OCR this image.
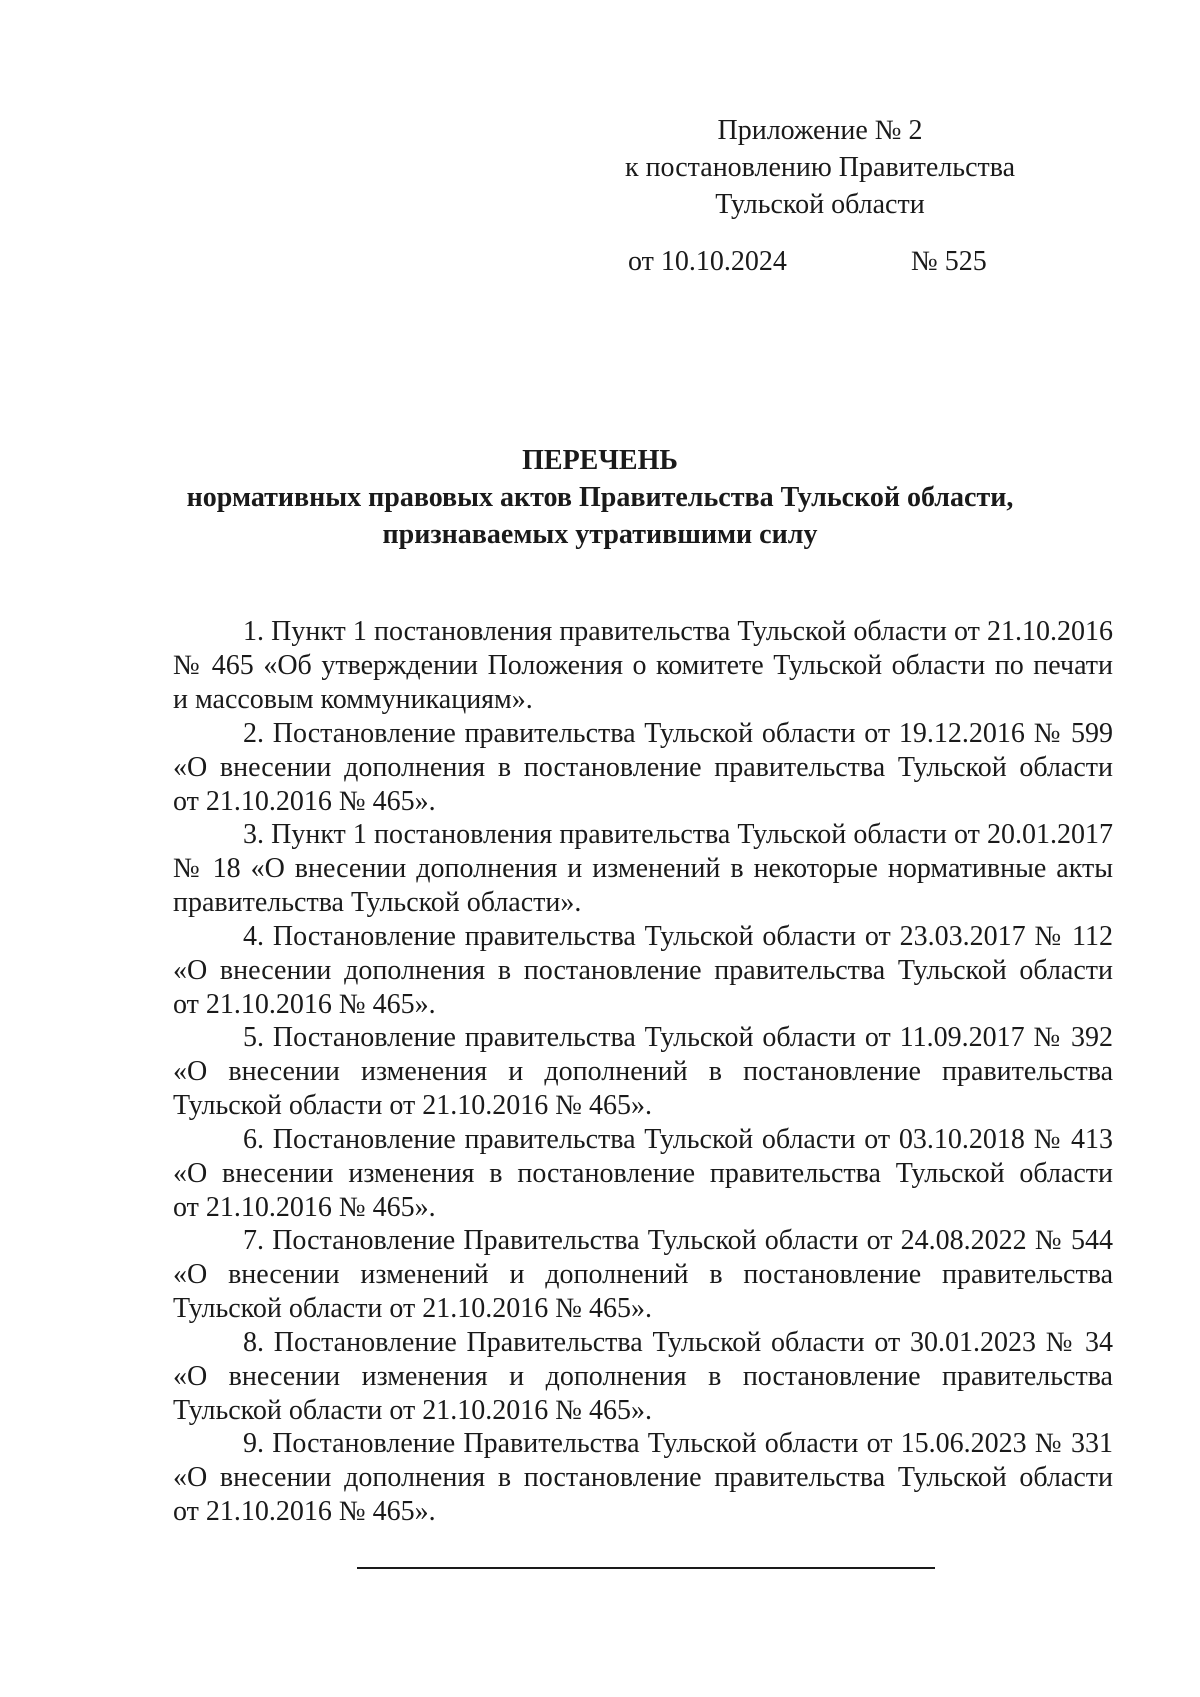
Приложение № 2
к постановлению Правительства
Тульской области
от 10.10.2024	№ 525
ПЕРЕЧЕНЬ
нормативных правовых актов Правительства Тульской области,
признаваемых утратившими силу
1. Пункт 1 постановления правительства Тульской области от 21.10.2016
№ 465 «Об утверждении Положения о комитете Тульской области по печати
и массовым коммуникациям».
2. Постановление правительства Тульской области от 19.12.2016 № 599
«О внесении дополнения в постановление правительства Тульской области
от 21.10.2016 № 465».
3. Пункт 1 постановления правительства Тульской области от 20.01.2017
№ 18 «О внесении дополнения и изменений в некоторые нормативные акты
правительства Тульской области».
4. Постановление правительства Тульской области от 23.03.2017 № 112
«О внесении дополнения в постановление правительства Тульской области
от 21.10.2016 № 465».
5. Постановление правительства Тульской области от 11.09.2017 № 392
«О внесении изменения и дополнений в постановление правительства
Тульской области от 21.10.2016 № 465».
6. Постановление правительства Тульской области от 03.10.2018 № 413
«О внесении изменения в постановление правительства Тульской области
от 21.10.2016 № 465».
7. Постановление Правительства Тульской области от 24.08.2022 № 544
«О внесении изменений и дополнений в постановление правительства
Тульской области от 21.10.2016 № 465».
8. Постановление Правительства Тульской области от 30.01.2023 № 34
«О внесении изменения и дополнения в постановление правительства
Тульской области от 21.10.2016 № 465».
9. Постановление Правительства Тульской области от 15.06.2023 № 331
«О внесении дополнения в постановление правительства Тульской области
от 21.10.2016 № 465».
